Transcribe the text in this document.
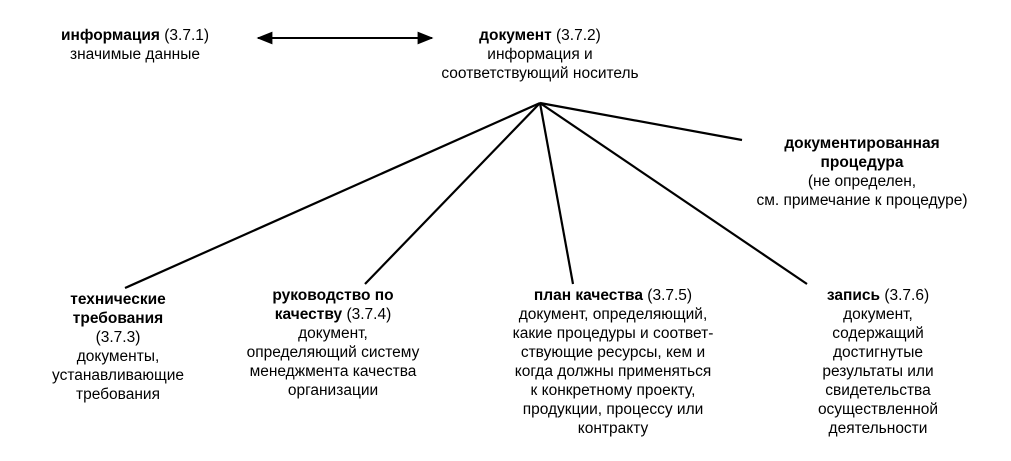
информация (3.7.1)
значимые данные
документ (3.7.2)
информация и
соответствующий носитель
документированная
процедура
(не определен,
см. примечание к процедуре)
технические
требования
(3.7.3)
документы,
устанавливающие
требования
руководство по
качеству (3.7.4)
документ,
определяющий систему
менеджмента качества
организации
план качества (3.7.5)
документ, определяющий,
какие процедуры и соответ-
ствующие ресурсы, кем и
когда должны применяться
к конкретному проекту,
продукции, процессу или
контракту
запись (3.7.6)
документ,
содержащий
достигнутые
результаты или
свидетельства
осуществленной
деятельности
